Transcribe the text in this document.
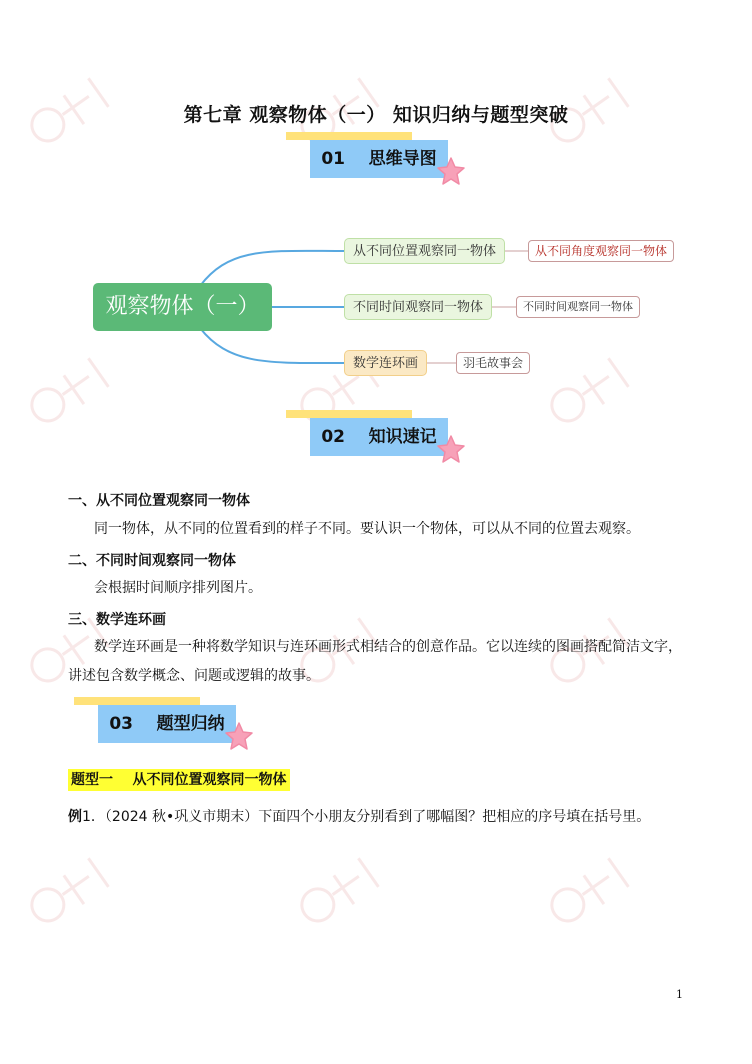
第七章 观察物体（一） 知识归纳与题型突破
01    思维导图
观察物体（一）
从不同位置观察同一物体	从不同角度观察同一物体
不同时间观察同一物体	不同时间观察同一物体
数学连环画	羽毛故事会
02    知识速记
一、从不同位置观察同一物体
同一物体，从不同的位置看到的样子不同。要认识一个物体，可以从不同的位置去观察。
二、不同时间观察同一物体
会根据时间顺序排列图片。
三、数学连环画
数学连环画是一种将数学知识与连环画形式相结合的创意作品。它以连续的图画搭配简洁文字，讲述包含数学概念、问题或逻辑的故事。
03    题型归纳
题型一    从不同位置观察同一物体
例1．（2024 秋•巩义市期末）下面四个小朋友分别看到了哪幅图？把相应的序号填在括号里。
1
